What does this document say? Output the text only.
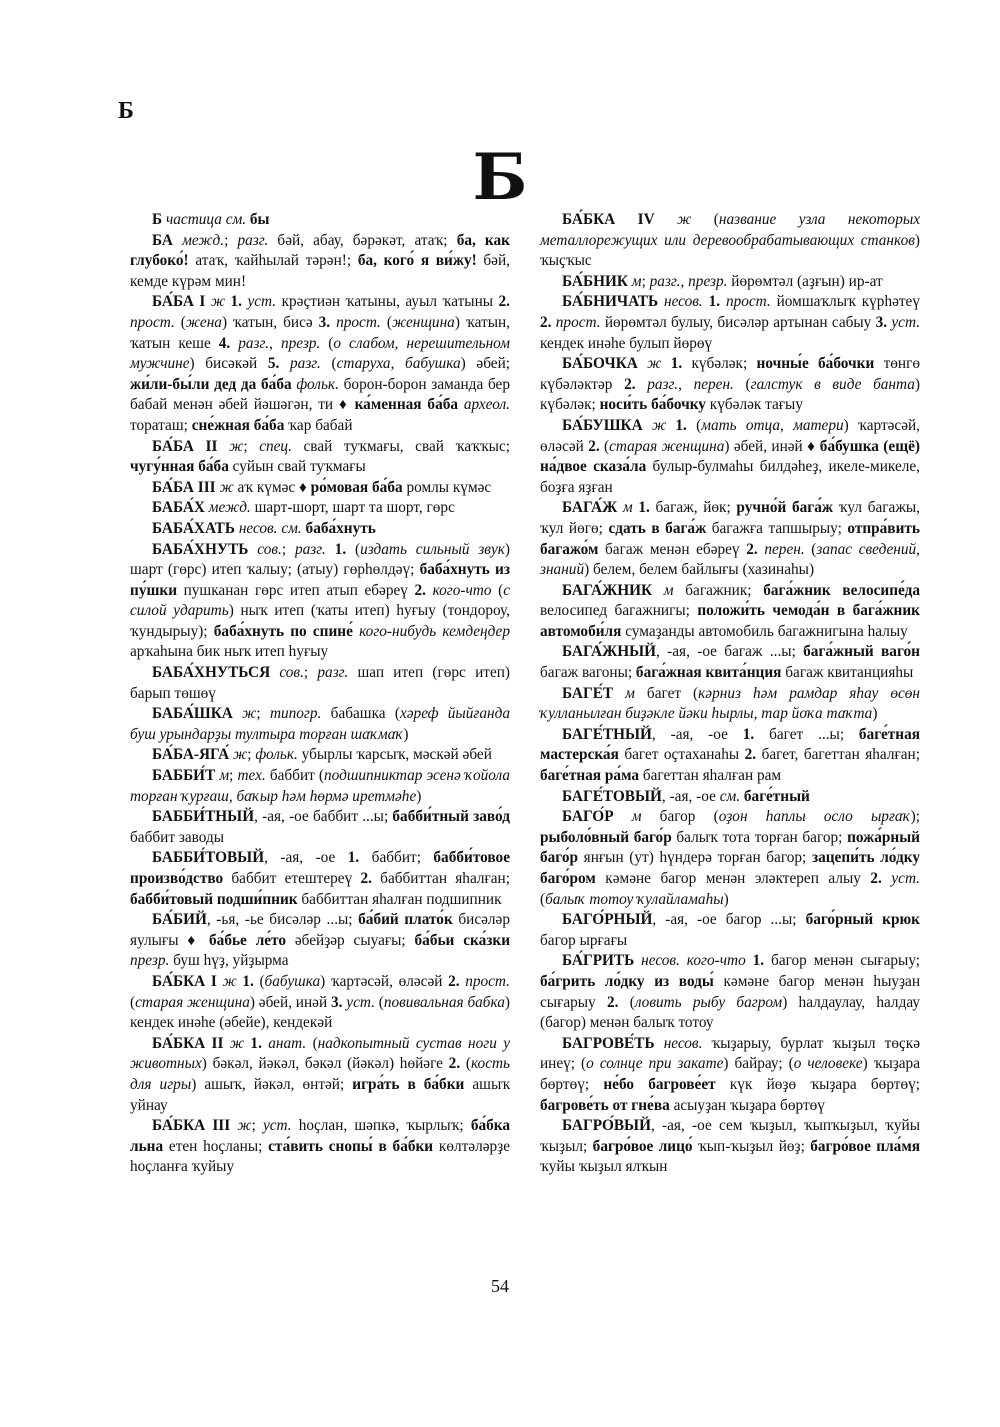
Б
Б

Б частица см. бы

БА межд.; разг. бәй, абау, бәрәкәт, атаҡ; ба, как глубоко́! атаҡ, ҡайһылай тәрән!; ба, кого́ я ви́жу! бәй, кемде күрәм мин!

БА́БА I ж 1. уст. крәҫтиән ҡатыны, ауыл ҡатыны 2. прост. (жена) ҡатын, бисә 3. прост. (женщина) ҡатын, ҡатын кеше 4. разг., презр. (о слабом, нерешительном мужчине) бисәкәй 5. разг. (старуха, бабушка) әбей; жи́ли-бы́ли дед да ба́ба фольк. борон-борон заманда бер бабай менән әбей йәшәгән, ти ♦ ка́менная ба́ба археол. тораташ; сне́жная ба́ба ҡар бабай

БА́БА II ж; спец. свай туҡмағы, свай ҡаҡҡыс; чугу́нная ба́ба суйын свай туҡмағы

БА́БА III ж аҡ күмәс ♦ ро́мовая ба́ба ромлы күмәс

БАБА́Х межд. шарт-шорт, шарт та шорт, гөрс

БАБА́ХАТЬ несов. см. баба́хнуть

БАБА́ХНУТЬ сов.; разг. 1. (издать сильный звук) шарт (гөрс) итеп ҡалыу; (атыу) гөрһөлдәү; баба́хнуть из пу́шки пушканан гөрс итеп атып ебәреү 2. кого-что (с силой ударить) ныҡ итеп (ҡаты итеп) һуғыу (тондороу, ҡундырыу); баба́хнуть по спине́ кого-нибудь кемдеңдер арҡаһына бик ныҡ итеп һуғыу

БАБА́ХНУТЬСЯ сов.; разг. шап итеп (гөрс итеп) барып төшөү

БАБА́ШКА ж; типогр. бабашка (хәреф йыйғанда буш урындарҙы тултыра торған шаҡмаҡ)

БА́БА-ЯГА́ ж; фольк. убырлы ҡарсыҡ, мәскәй әбей

БАББИ́Т м; тех. баббит (подшипниктар эсенә ҡойола торған ҡурғаш, баҡыр һәм һөрмә иретмәһе)

БАББИ́ТНЫЙ, -ая, -ое баббит ...ы; бабби́тный заво́д баббит заводы

БАББИ́ТОВЫЙ, -ая, -ое 1. баббит; бабби́товое произво́дство баббит етештереү 2. баббиттан яһалған; бабби́товый подши́пник баббиттан яһалған подшипник

БА́БИЙ, -ья, -ье бисәләр ...ы; ба́бий плато́к бисәләр яулығы ♦ ба́бье ле́то әбейҙәр сыуағы; ба́бьи ска́зки презр. буш һүҙ, уйҙырма

БА́БКА I ж 1. (бабушка) ҡартәсәй, өләсәй 2. прост. (старая женщина) әбей, инәй 3. уст. (повивальная бабка) кендек инәһе (әбейе), кендекәй

БА́БКА II ж 1. анат. (надкопытный сустав ноги у животных) бәкәл, йәкәл, бәкәл (йәкәл) һөйәге 2. (кость для игры) ашыҡ, йәкәл, өнтәй; игра́ть в ба́бки ашыҡ уйнау

БА́БКА III ж; уст. һоҫлан, шәпкә, ҡырлыҡ; ба́бка льна етен һоҫланы; ста́вить снопы́ в ба́бки көлтәләрҙе һоҫланға ҡуйыу

БА́БКА IV ж (название узла некоторых металлорежущих или деревообрабатывающих станков) ҡыҫҡыс

БА́БНИК м; разг., презр. йөрөмтәл (аҙғын) ир-ат

БА́БНИЧАТЬ несов. 1. прост. йомшаҡлыҡ күрһәтеү 2. прост. йөрөмтәл булыу, бисәләр артынан сабыу 3. уст. кендек инәһе булып йөрөү

БА́БОЧКА ж 1. күбәләк; ночны́е ба́бочки төнгө күбәләктәр 2. разг., перен. (галстук в виде банта) күбәләк; носи́ть ба́бочку күбәләк тағыу

БА́БУШКА ж 1. (мать отца, матери) ҡартәсәй, өләсәй 2. (старая женщина) әбей, инәй ♦ ба́бушка (ещё) на́двое сказа́ла булыр-булмаһы билдәһеҙ, икеле-микеле, боҙға яҙған

БАГА́Ж м 1. багаж, йөк; ручно́й бага́ж ҡул багажы, ҡул йөгө; сдать в бага́ж багажға тапшырыу; отпра́вить багажо́м багаж менән ебәреү 2. перен. (запас сведений, знаний) белем, белем байлығы (хазинаһы)

БАГА́ЖНИК м багажник; бага́жник велосипе́да велосипед багажнигы; положи́ть чемода́н в бага́жник автомоби́ля сумаҙанды автомобиль багажнигына һалыу

БАГА́ЖНЫЙ, -ая, -ое багаж ...ы; бага́жный ваго́н багаж вагоны; бага́жная квита́нция багаж квитанцияһы

БАГЕ́Т м багет (кәрниз һәм рамдар яһау өсөн ҡулланылған биҙәкле йәки һырлы, тар йоҡа таҡта)

БАГЕ́ТНЫЙ, -ая, -ое 1. багет ...ы; баге́тная мастерска́я багет оҫтаханаһы 2. багет, багеттан яһалған; баге́тная ра́ма багеттан яһалған рам

БАГЕ́ТОВЫЙ, -ая, -ое см. баге́тный

БАГО́Р м багор (оҙон һаплы осло ырғаҡ); рыболо́вный баго́р балыҡ тота торған багор; пожа́рный баго́р янғын (ут) һүндерә торған багор; зацепи́ть ло́дку баго́ром кәмәне багор менән эләктереп алыу 2. уст. (балыҡ тотоу ҡулайламаһы)

БАГО́РНЫЙ, -ая, -ое багор ...ы; баго́рный крюк багор ырғағы

БА́ГРИТЬ несов. кого-что 1. багор менән сығарыу; ба́грить ло́дку из воды́ кәмәне багор менән һыуҙан сығарыу 2. (ловить рыбу багром) һалдаулау, һалдау (багор) менән балыҡ тотоу

БАГРОВЕ́ТЬ несов. ҡыҙарыу, бурлат ҡыҙыл төҫкә инеү; (о солнце при закате) байрау; (о человеке) ҡыҙара бөртөү; не́бо багрове́ет күк йөҙө ҡыҙара бөртөү; багрове́ть от гне́ва асыуҙан ҡыҙара бөртөү

БАГРО́ВЫЙ, -ая, -ое сем ҡыҙыл, ҡыпҡыҙыл, ҡуйы ҡыҙыл; багро́вое лицо́ ҡып-ҡыҙыл йөҙ; багро́вое пла́мя ҡуйы ҡыҙыл ялҡын

54
